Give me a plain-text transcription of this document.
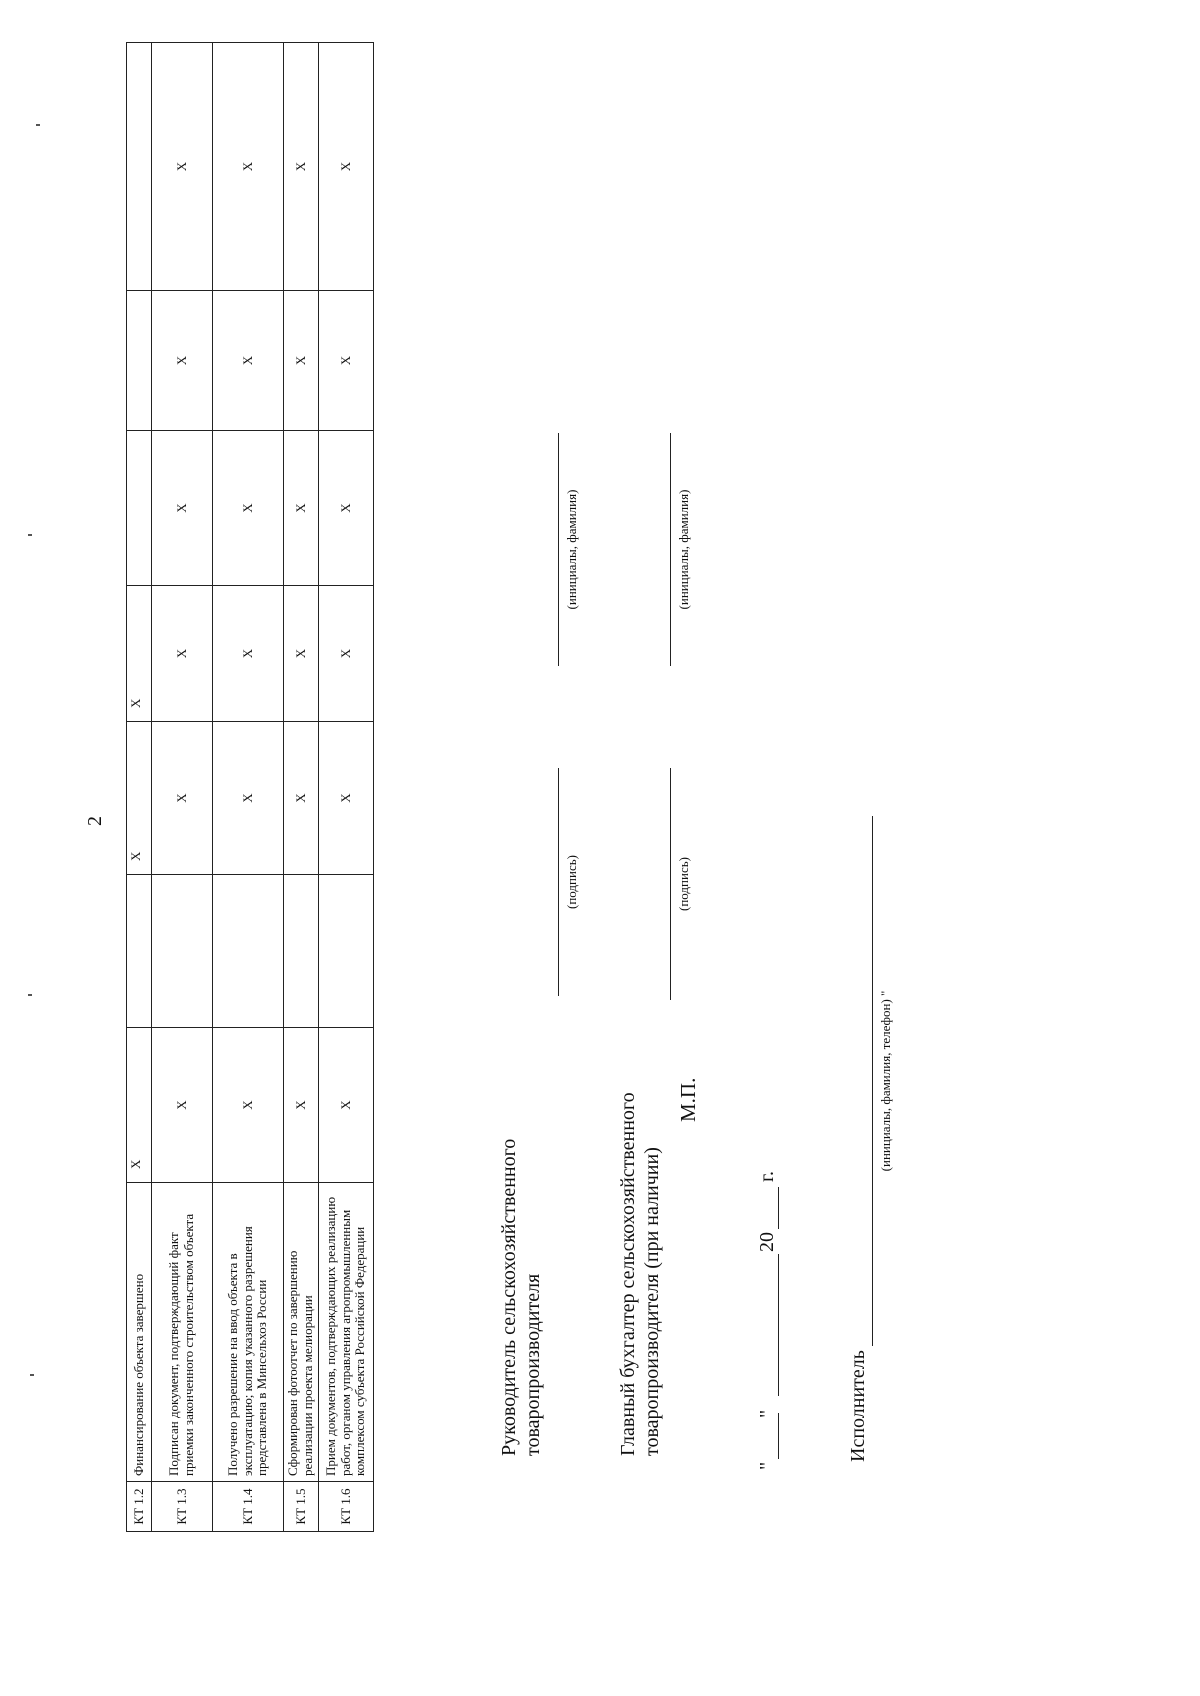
2
КТ 1.2	Финансирование объекта завершено	Х		Х	Х			
КТ 1.3	Подписан документ, подтверждающий факт приемки законченного строительством объекта	Х		Х	Х	Х	Х	Х
КТ 1.4	Получено разрешение на ввод объекта в эксплуатацию; копия указанного разрешения представлена в Минсельхоз России	Х		Х	Х	Х	Х	Х
КТ 1.5	Сформирован фотоотчет по завершению реализации проекта мелиорации	Х		Х	Х	Х	Х	Х
КТ 1.6	Прием документов, подтверждающих реализацию работ, органом управления агропромышленным комплексом субъекта Российской Федерации	Х		Х	Х	Х	Х	Х
Руководитель сельскохозяйственного товаропроизводителя
(подпись)
(инициалы, фамилия)
Главный бухгалтер сельскохозяйственного товаропроизводителя (при наличии)
М.П.
(подпись)
(инициалы, фамилия)
"
"
20
г.
Исполнитель
(инициалы, фамилия, телефон) "
